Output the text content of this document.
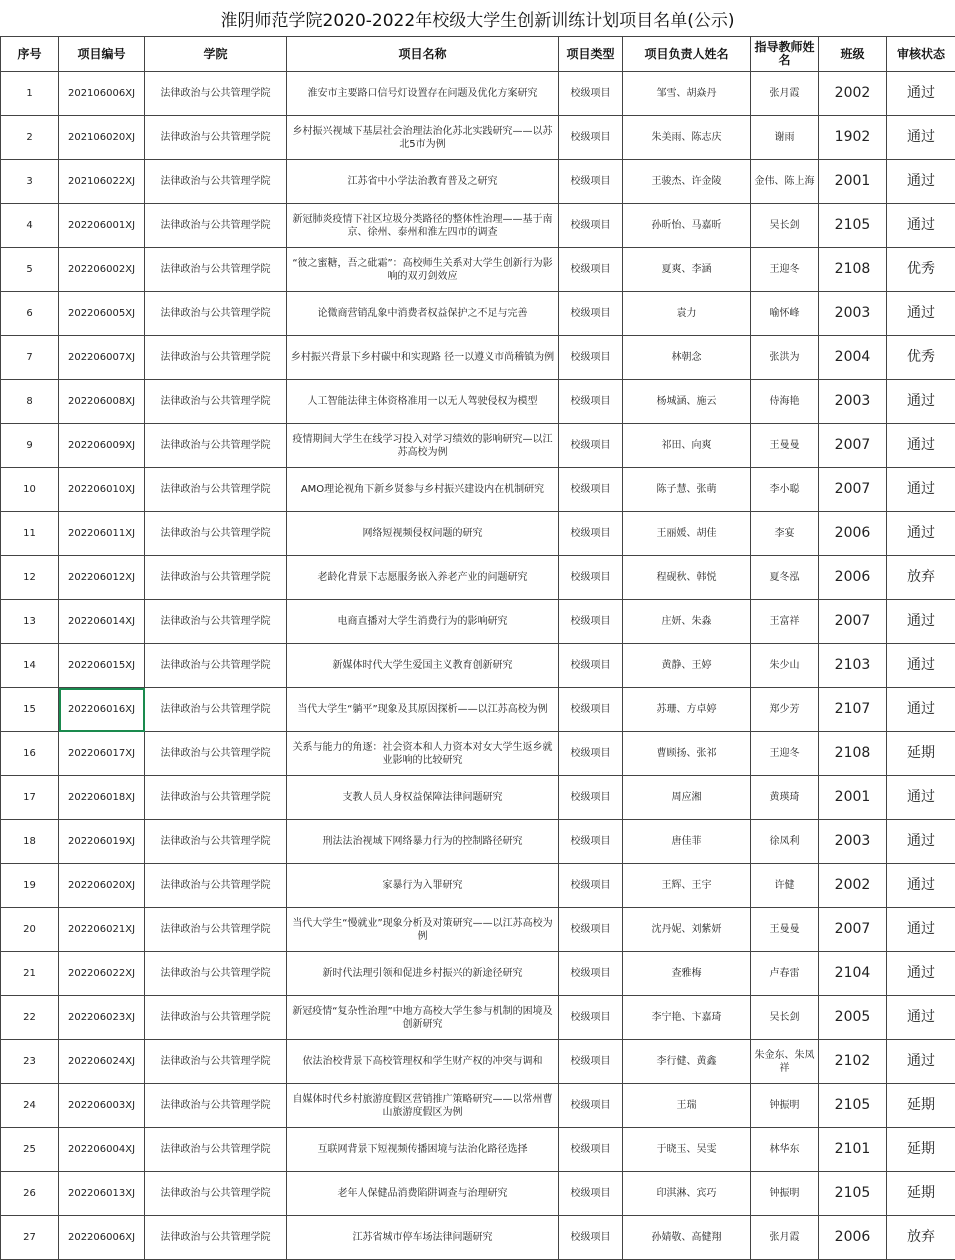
淮阴师范学院2020-2022年校级大学生创新训练计划项目名单(公示)
序号	项目编号	学院	项目名称	项目类型	项目负责人姓名	指导教师姓名	班级	审核状态
1	202106006XJ	法律政治与公共管理学院	淮安市主要路口信号灯设置存在问题及优化方案研究	校级项目	邹雪、胡焱丹	张月霞	2002	通过
2	202106020XJ	法律政治与公共管理学院	乡村振兴视域下基层社会治理法治化苏北实践研究——以苏北5市为例	校级项目	朱美雨、陈志庆	谢雨	1902	通过
3	202106022XJ	法律政治与公共管理学院	江苏省中小学法治教育普及之研究	校级项目	王骏杰、许金陵	金伟、陈上海	2001	通过
4	202206001XJ	法律政治与公共管理学院	新冠肺炎疫情下社区垃圾分类路径的整体性治理——基于南京、徐州、泰州和淮左四市的调查	校级项目	孙昕怡、马嘉昕	吴长剑	2105	通过
5	202206002XJ	法律政治与公共管理学院	“彼之蜜糖，吾之砒霜”：高校师生关系对大学生创新行为影响的双刃剑效应	校级项目	夏爽、李涵	王迎冬	2108	优秀
6	202206005XJ	法律政治与公共管理学院	论微商营销乱象中消费者权益保护之不足与完善	校级项目	袁力	喻怀峰	2003	通过
7	202206007XJ	法律政治与公共管理学院	乡村振兴背景下乡村碳中和实现路 径一以遵义市尚稽镇为例	校级项目	林朝念	张洪为	2004	优秀
8	202206008XJ	法律政治与公共管理学院	人工智能法律主体资格准用一以无人驾驶侵权为模型	校级项目	杨城涵、施云	侍海艳	2003	通过
9	202206009XJ	法律政治与公共管理学院	疫情期间大学生在线学习投入对学习绩效的影响研究—以江苏高校为例	校级项目	祁田、向爽	王曼曼	2007	通过
10	202206010XJ	法律政治与公共管理学院	AMO理论视角下新乡贤参与乡村振兴建设内在机制研究	校级项目	陈子慧、张萌	李小聪	2007	通过
11	202206011XJ	法律政治与公共管理学院	网络短视频侵权问题的研究	校级项目	王丽媛、胡佳	李宴	2006	通过
12	202206012XJ	法律政治与公共管理学院	老龄化背景下志愿服务嵌入养老产业的问题研究	校级项目	程砚秋、韩悦	夏冬泓	2006	放弃
13	202206014XJ	法律政治与公共管理学院	电商直播对大学生消费行为的影响研究	校级项目	庄妍、朱淼	王富祥	2007	通过
14	202206015XJ	法律政治与公共管理学院	新媒体时代大学生爱国主义教育创新研究	校级项目	黄静、王婷	朱少山	2103	通过
15	202206016XJ	法律政治与公共管理学院	当代大学生“躺平”现象及其原因探析——以江苏高校为例	校级项目	苏珊、方卓婷	郑少芳	2107	通过
16	202206017XJ	法律政治与公共管理学院	关系与能力的角逐：社会资本和人力资本对女大学生返乡就业影响的比较研究	校级项目	曹顾扬、张祁	王迎冬	2108	延期
17	202206018XJ	法律政治与公共管理学院	支教人员人身权益保障法律问题研究	校级项目	周应湘	黄瑛琦	2001	通过
18	202206019XJ	法律政治与公共管理学院	刑法法治视域下网络暴力行为的控制路径研究	校级项目	唐佳菲	徐凤利	2003	通过
19	202206020XJ	法律政治与公共管理学院	家暴行为入罪研究	校级项目	王辉、王宇	许健	2002	通过
20	202206021XJ	法律政治与公共管理学院	当代大学生“慢就业”现象分析及对策研究——以江苏高校为例	校级项目	沈丹妮、刘紫妍	王曼曼	2007	通过
21	202206022XJ	法律政治与公共管理学院	新时代法理引领和促进乡村振兴的新途径研究	校级项目	查雅梅	卢春雷	2104	通过
22	202206023XJ	法律政治与公共管理学院	新冠疫情“复杂性治理”中地方高校大学生参与机制的困境及创新研究	校级项目	李宁艳、卞嘉琦	吴长剑	2005	通过
23	202206024XJ	法律政治与公共管理学院	依法治校背景下高校管理权和学生财产权的冲突与调和	校级项目	李行健、黄鑫	朱金东、朱凤祥	2102	通过
24	202206003XJ	法律政治与公共管理学院	自媒体时代乡村旅游度假区营销推广策略研究——以常州曹山旅游度假区为例	校级项目	王瑞	钟振明	2105	延期
25	202206004XJ	法律政治与公共管理学院	互联网背景下短视频传播困境与法治化路径选择	校级项目	于晓玉、吴雯	林华东	2101	延期
26	202206013XJ	法律政治与公共管理学院	老年人保健品消费陷阱调查与治理研究	校级项目	印淇淋、宾巧	钟振明	2105	延期
27	202206006XJ	法律政治与公共管理学院	江苏省城市停车场法律问题研究	校级项目	孙婧敬、高健翔	张月霞	2006	放弃
